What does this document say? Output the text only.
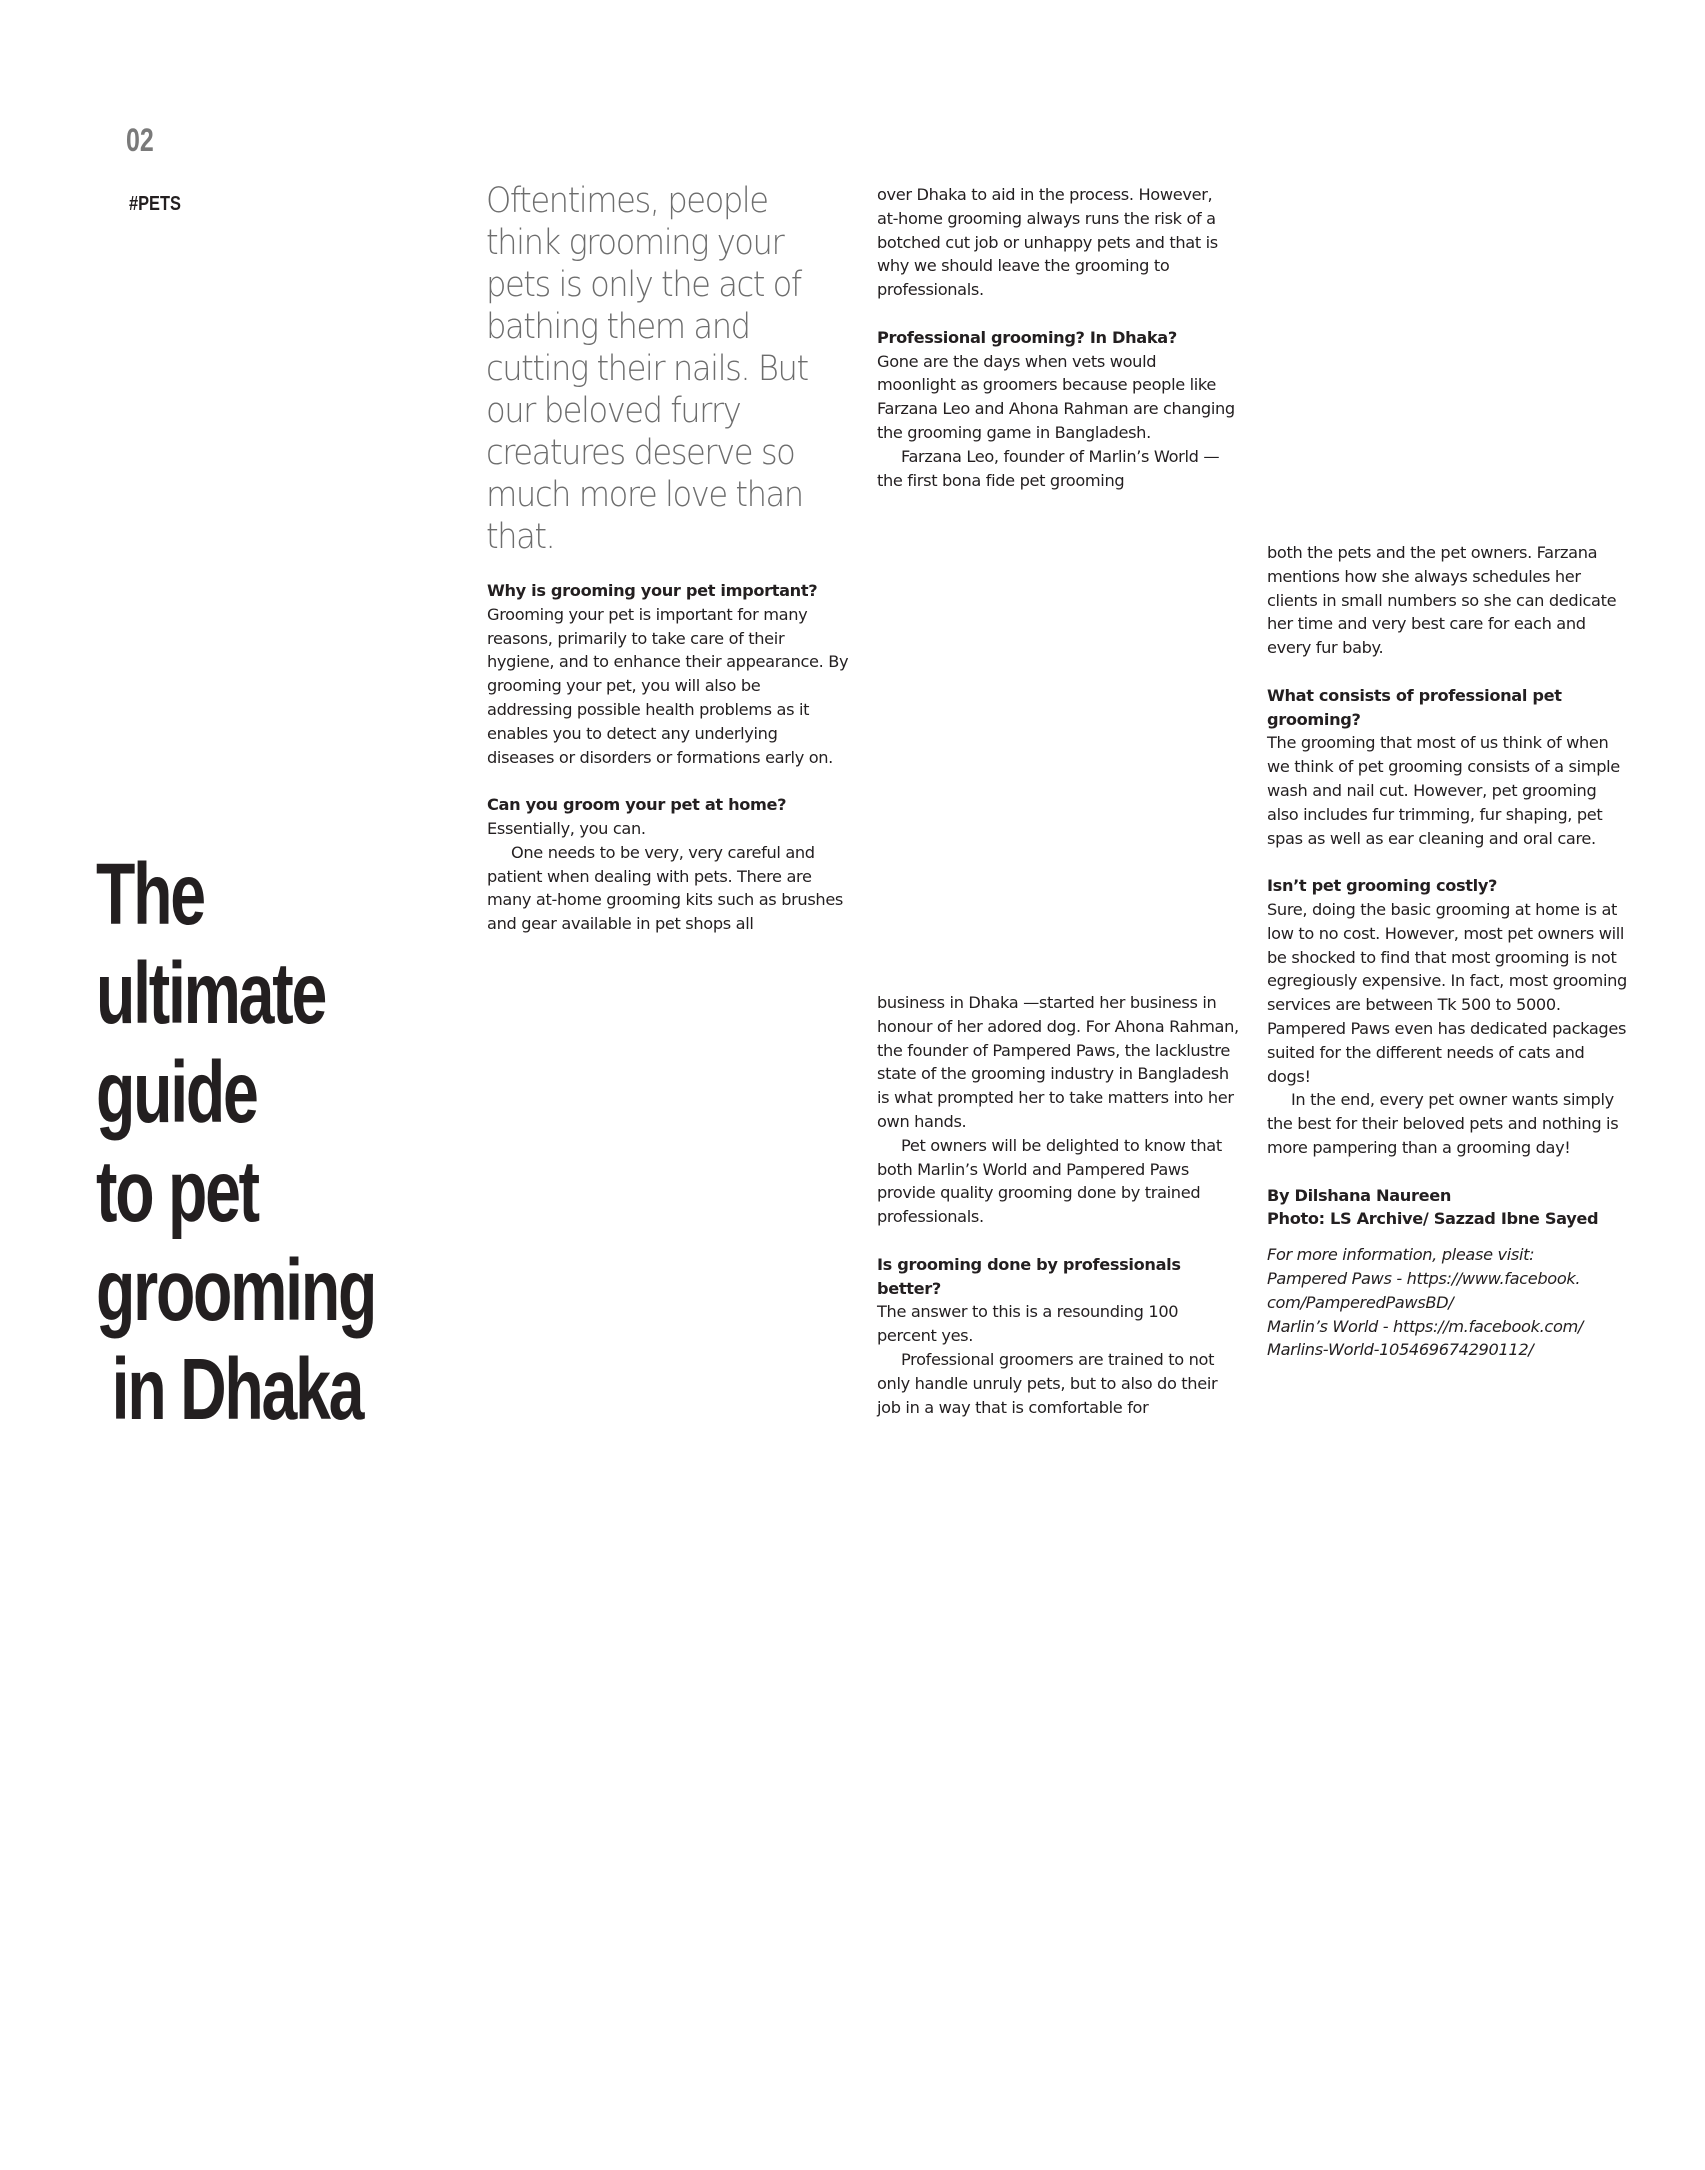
02
#PETS
The
ultimate
guide
to pet
grooming
in Dhaka
Oftentimes, people think grooming your pets is only the act of bathing them and cutting their nails. But our beloved furry creatures deserve so much more love than that.

Why is grooming your pet important?

Grooming your pet is important for many reasons, primarily to take care of their hygiene, and to enhance their appearance. By grooming your pet, you will also be addressing possible health problems as it enables you to detect any underlying diseases or disorders or formations early on.

Can you groom your pet at home?

Essentially, you can.

One needs to be very, very careful and patient when dealing with pets. There are many at-home grooming kits such as brushes and gear available in pet shops all

over Dhaka to aid in the process. However, at-home grooming always runs the risk of a botched cut job or unhappy pets and that is why we should leave the grooming to professionals.

Professional grooming? In Dhaka?

Gone are the days when vets would moonlight as groomers because people like Farzana Leo and Ahona Rahman are changing the grooming game in Bangladesh.

Farzana Leo, founder of Marlin’s World — the first bona fide pet grooming

business in Dhaka —started her business in honour of her adored dog. For Ahona Rahman, the founder of Pampered Paws, the lacklustre state of the grooming industry in Bangladesh is what prompted her to take matters into her own hands.

Pet owners will be delighted to know that both Marlin’s World and Pampered Paws provide quality grooming done by trained professionals.

Is grooming done by professionals better?

The answer to this is a resounding 100 percent yes.

Professional groomers are trained to not only handle unruly pets, but to also do their job in a way that is comfortable for

both the pets and the pet owners. Farzana mentions how she always schedules her clients in small numbers so she can dedicate her time and very best care for each and every fur baby.

What consists of professional pet grooming?

The grooming that most of us think of when we think of pet grooming consists of a simple wash and nail cut. However, pet grooming also includes fur trimming, fur shaping, pet spas as well as ear cleaning and oral care.

Isn’t pet grooming costly?

Sure, doing the basic grooming at home is at low to no cost. However, most pet owners will be shocked to find that most grooming is not egregiously expensive. In fact, most grooming services are between Tk 500 to 5000. Pampered Paws even has dedicated packages suited for the different needs of cats and dogs!

In the end, every pet owner wants simply the best for their beloved pets and nothing is more pampering than a grooming day!

By Dilshana Naureen

Photo: LS Archive/ Sazzad Ibne Sayed

For more information, please visit:

Pampered Paws - https://www.facebook.

com/PamperedPawsBD/

Marlin’s World - https://m.facebook.com/

Marlins-World-105469674290112/
